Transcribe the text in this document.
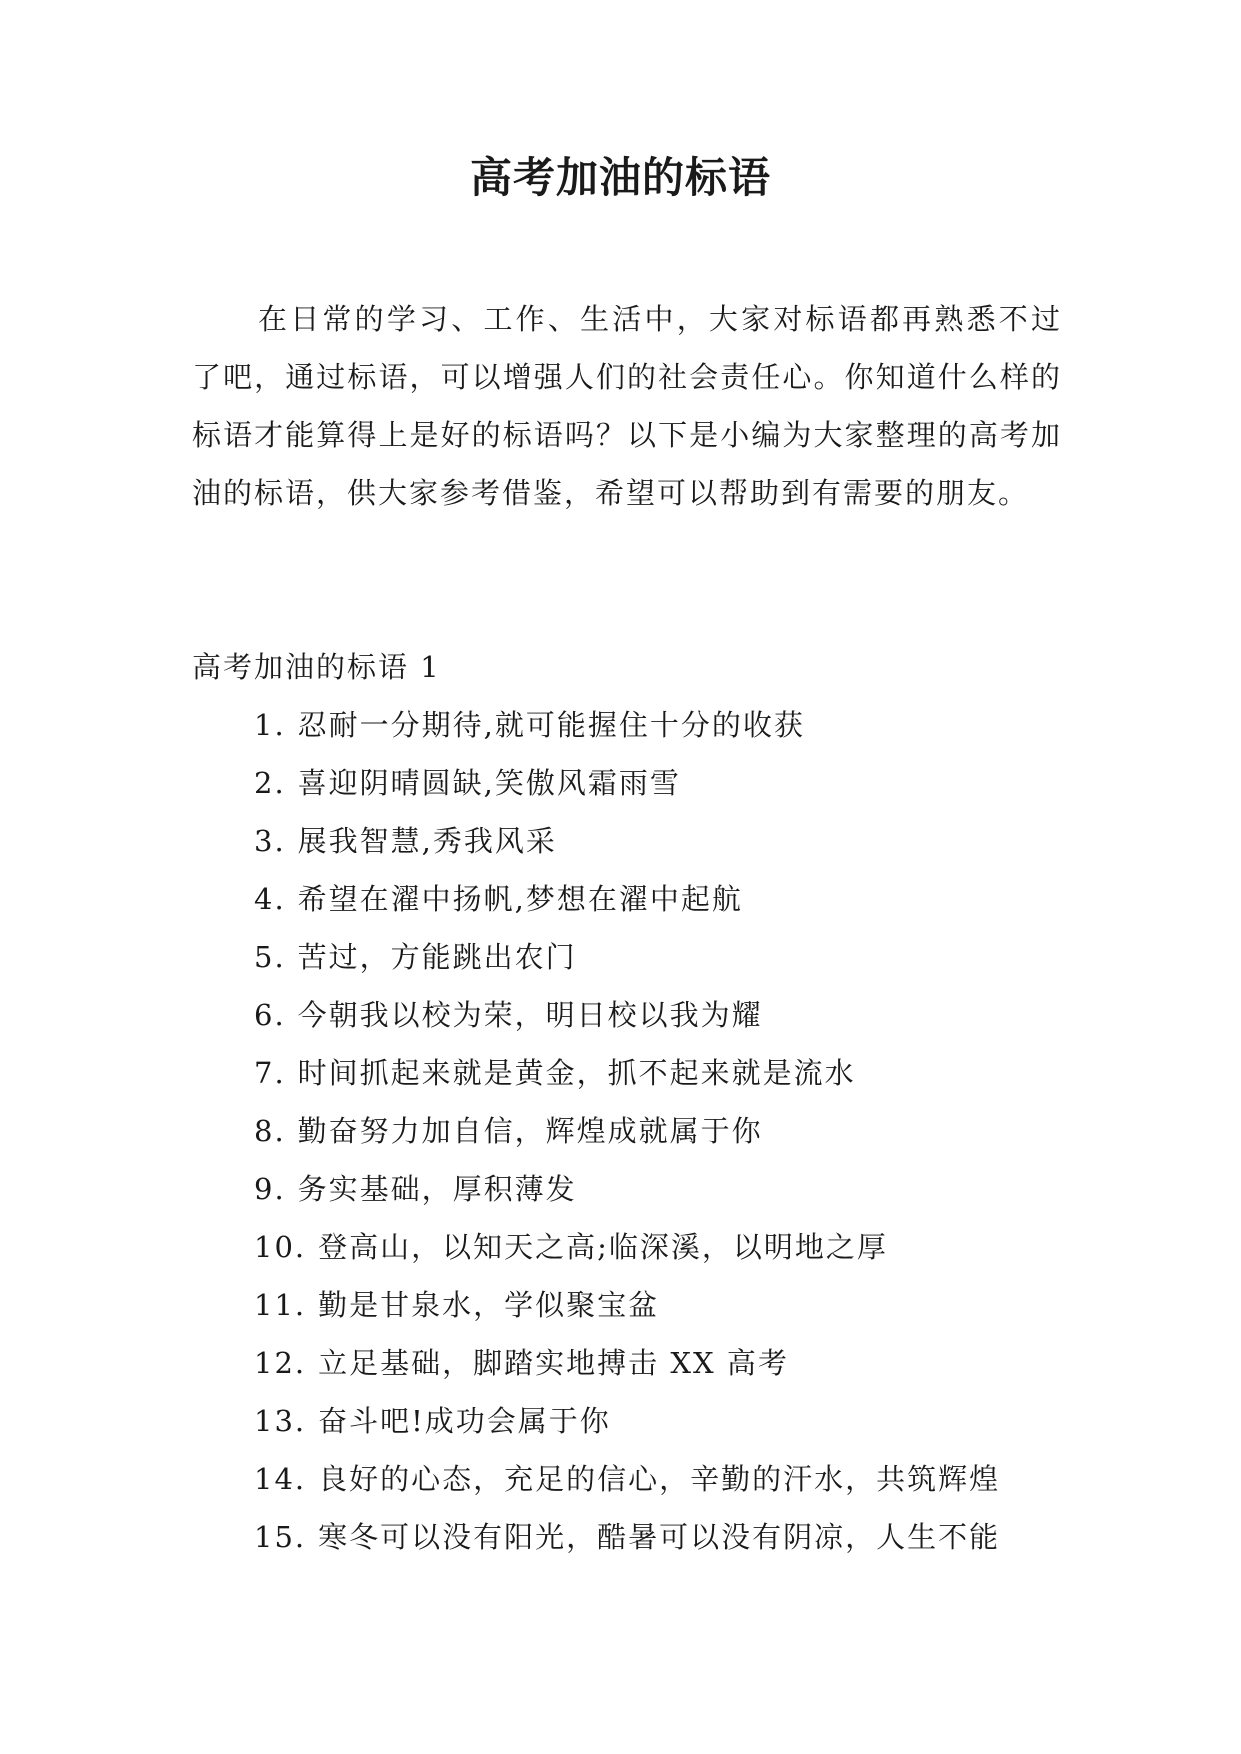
高考加油的标语

在日常的学习、工作、生活中，大家对标语都再熟悉不过了吧，通过标语，可以增强人们的社会责任心。你知道什么样的标语才能算得上是好的标语吗？以下是小编为大家整理的高考加油的标语，供大家参考借鉴，希望可以帮助到有需要的朋友。

高考加油的标语 1

1. 忍耐一分期待,就可能握住十分的收获
2. 喜迎阴晴圆缺,笑傲风霜雨雪
3. 展我智慧,秀我风采
4. 希望在濯中扬帆,梦想在濯中起航
5. 苦过，方能跳出农门
6. 今朝我以校为荣，明日校以我为耀
7. 时间抓起来就是黄金，抓不起来就是流水
8. 勤奋努力加自信，辉煌成就属于你
9. 务实基础，厚积薄发
10. 登高山，以知天之高;临深溪，以明地之厚
11. 勤是甘泉水，学似聚宝盆
12. 立足基础，脚踏实地搏击 XX 高考
13. 奋斗吧!成功会属于你
14. 良好的心态，充足的信心，辛勤的汗水，共筑辉煌
15. 寒冬可以没有阳光，酷暑可以没有阴凉，人生不能
